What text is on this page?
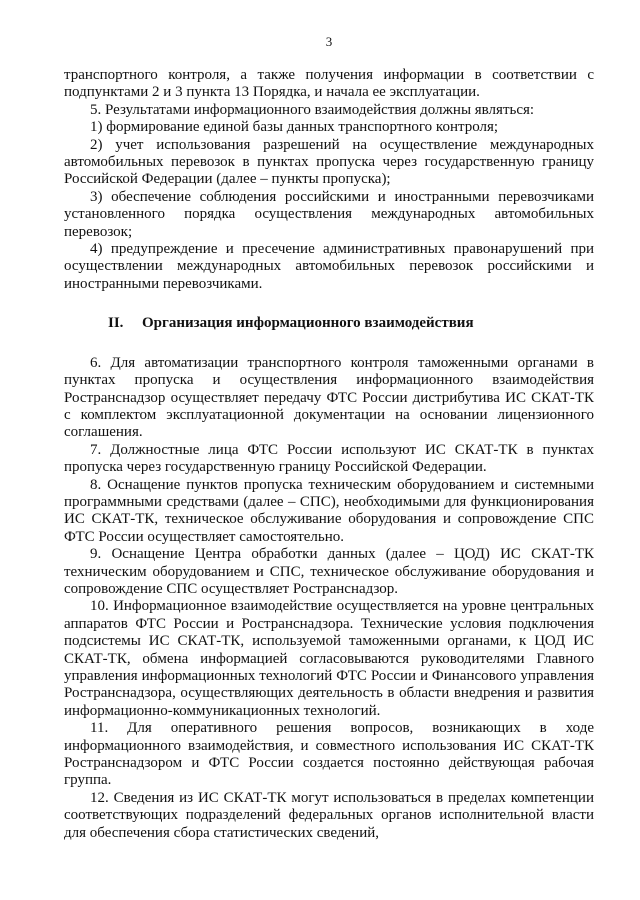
3

транспортного контроля, а также получения информации в соответствии с подпунктами 2 и 3 пункта 13 Порядка, и начала ее эксплуатации.

5. Результатами информационного взаимодействия должны являться:

1) формирование единой базы данных транспортного контроля;

2) учет использования разрешений на осуществление международных автомобильных перевозок в пунктах пропуска через государственную границу Российской Федерации (далее – пункты пропуска);

3) обеспечение соблюдения российскими и иностранными перевозчиками установленного порядка осуществления международных автомобильных перевозок;

4) предупреждение и пресечение административных правонарушений при осуществлении международных автомобильных перевозок российскими и иностранными перевозчиками.

II. Организация информационного взаимодействия

6. Для автоматизации транспортного контроля таможенными органами в пунктах пропуска и осуществления информационного взаимодействия Ространснадзор осуществляет передачу ФТС России дистрибутива ИС СКАТ-ТК с комплектом эксплуатационной документации на основании лицензионного соглашения.

7. Должностные лица ФТС России используют ИС СКАТ-ТК в пунктах пропуска через государственную границу Российской Федерации.

8. Оснащение пунктов пропуска техническим оборудованием и системными программными средствами (далее – СПС), необходимыми для функционирования ИС СКАТ-ТК, техническое обслуживание оборудования и сопровождение СПС ФТС России осуществляет самостоятельно.

9. Оснащение Центра обработки данных (далее – ЦОД) ИС СКАТ-ТК техническим оборудованием и СПС, техническое обслуживание оборудования и сопровождение СПС осуществляет Ространснадзор.

10. Информационное взаимодействие осуществляется на уровне центральных аппаратов ФТС России и Ространснадзора. Технические условия подключения подсистемы ИС СКАТ-ТК, используемой таможенными органами, к ЦОД ИС СКАТ-ТК, обмена информацией согласовываются руководителями Главного управления информационных технологий ФТС России и Финансового управления Ространснадзора, осуществляющих деятельность в области внедрения и развития информационно-коммуникационных технологий.

11. Для оперативного решения вопросов, возникающих в ходе информационного взаимодействия, и совместного использования ИС СКАТ-ТК Ространснадзором и ФТС России создается постоянно действующая рабочая группа.

12. Сведения из ИС СКАТ-ТК могут использоваться в пределах компетенции соответствующих подразделений федеральных органов исполнительной власти для обеспечения сбора статистических сведений,
